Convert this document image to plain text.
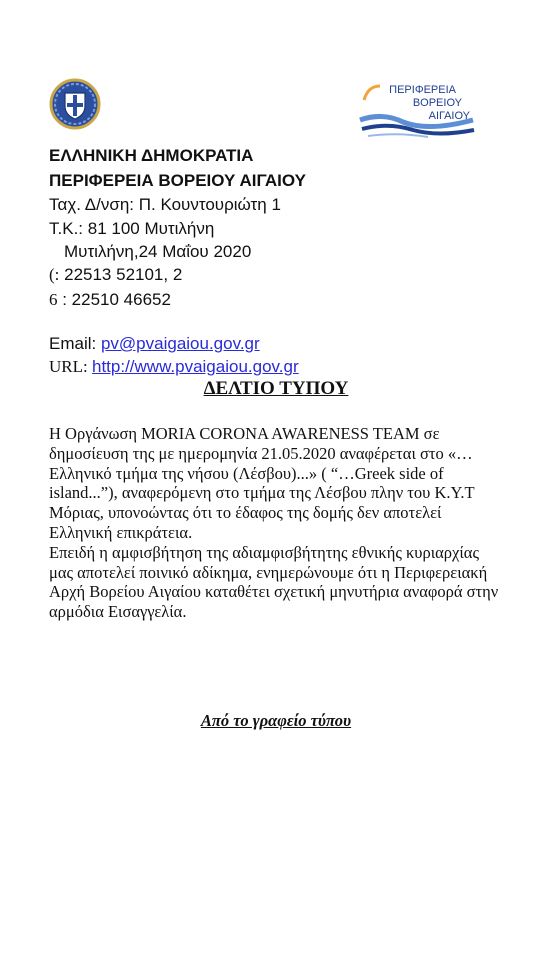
ΠΕΡΙΦΕΡΕΙΑ
ΒΟΡΕΙΟΥ
ΑΙΓΑΙΟΥ
ΕΛΛΗΝΙΚΗ ΔΗΜΟΚΡΑΤΙΑ
ΠΕΡΙΦΕΡΕΙΑ ΒΟΡΕΙΟΥ ΑΙΓΑΙΟΥ
Ταχ. Δ/νση: Π. Κουντουριώτη 1
Τ.Κ.: 81 100 Μυτιλήνη
Μυτιλήνη,24 Μαΐου 2020
(: 22513 52101, 2
6 : 22510 46652
Email: pv@pvaigaiou.gov.gr
URL: http://www.pvaigaiou.gov.gr
ΔΕΛΤΙΟ ΤΥΠΟΥ

Η Οργάνωση MORIA CORONA AWARENESS TEAM σε δημοσίευση της με ημερομηνία 21.05.2020 αναφέρεται στο «…Ελληνικό τμήμα της νήσου (Λέσβου)...» ( “…Greek side of island...”), αναφερόμενη στο τμήμα της Λέσβου πλην του Κ.Υ.Τ Μόριας, υπονοώντας ότι το έδαφος της δομής δεν αποτελεί Ελληνική επικράτεια.

Επειδή η αμφισβήτηση της αδιαμφισβήτητης εθνικής κυριαρχίας μας αποτελεί ποινικό αδίκημα, ενημερώνουμε ότι η Περιφερειακή Αρχή Βορείου Αιγαίου καταθέτει σχετική μηνυτήρια αναφορά στην αρμόδια Εισαγγελία.

Από το γραφείο τύπου
